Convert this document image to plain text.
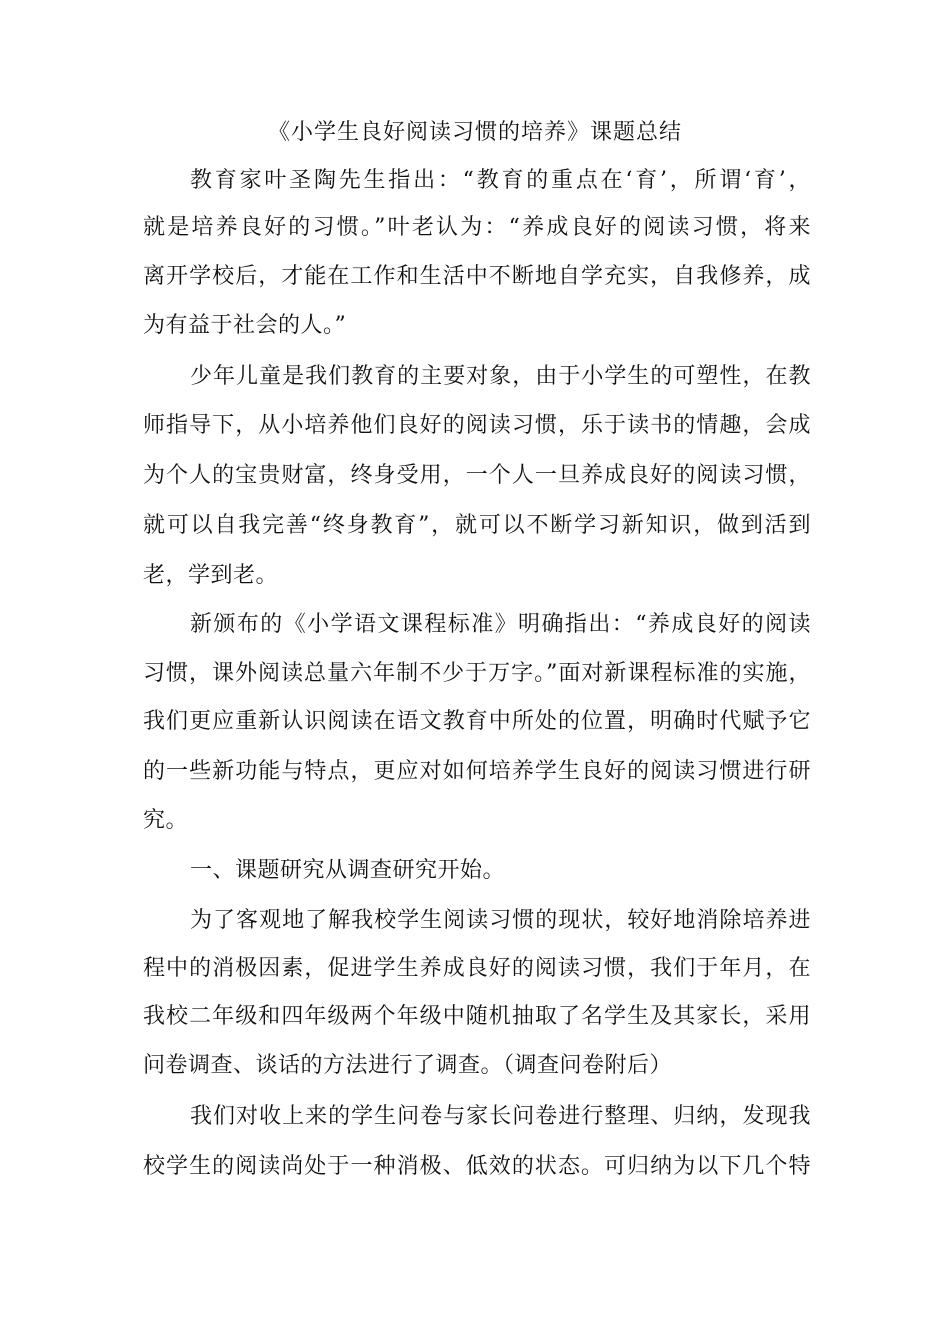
《小学生良好阅读习惯的培养》课题总结
教育家叶圣陶先生指出：“教育的重点在‘育’，所谓‘育’，
就是培养良好的习惯。”叶老认为：“养成良好的阅读习惯，将来
离开学校后，才能在工作和生活中不断地自学充实，自我修养，成
为有益于社会的人。”
少年儿童是我们教育的主要对象，由于小学生的可塑性，在教
师指导下，从小培养他们良好的阅读习惯，乐于读书的情趣，会成
为个人的宝贵财富，终身受用，一个人一旦养成良好的阅读习惯，
就可以自我完善“终身教育”，就可以不断学习新知识，做到活到
老，学到老。
新颁布的《小学语文课程标准》明确指出：“养成良好的阅读
习惯，课外阅读总量六年制不少于万字。”面对新课程标准的实施，
我们更应重新认识阅读在语文教育中所处的位置，明确时代赋予它
的一些新功能与特点，更应对如何培养学生良好的阅读习惯进行研
究。
一、课题研究从调查研究开始。
为了客观地了解我校学生阅读习惯的现状，较好地消除培养进
程中的消极因素，促进学生养成良好的阅读习惯，我们于年月，在
我校二年级和四年级两个年级中随机抽取了名学生及其家长，采用
问卷调查、谈话的方法进行了调查。（调查问卷附后）
我们对收上来的学生问卷与家长问卷进行整理、归纳，发现我
校学生的阅读尚处于一种消极、低效的状态。可归纳为以下几个特
